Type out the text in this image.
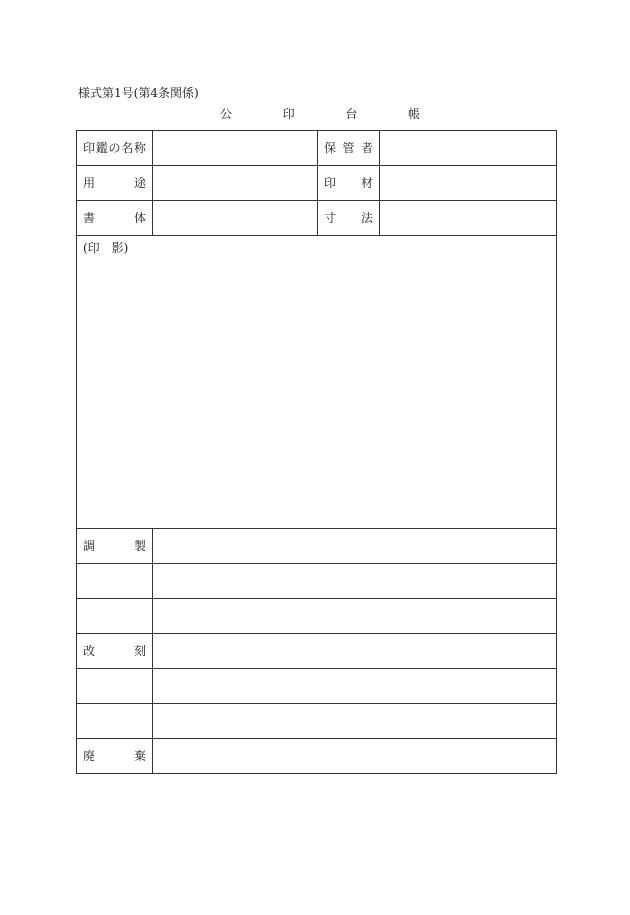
様式第1号(第4条関係)
公	印	台	帳
印 鑑 の 名 称		保 管 者	

用 途		印 材	

書 体		寸 法	

(印　影)			

調 製			

改 刻			

廃 棄			
